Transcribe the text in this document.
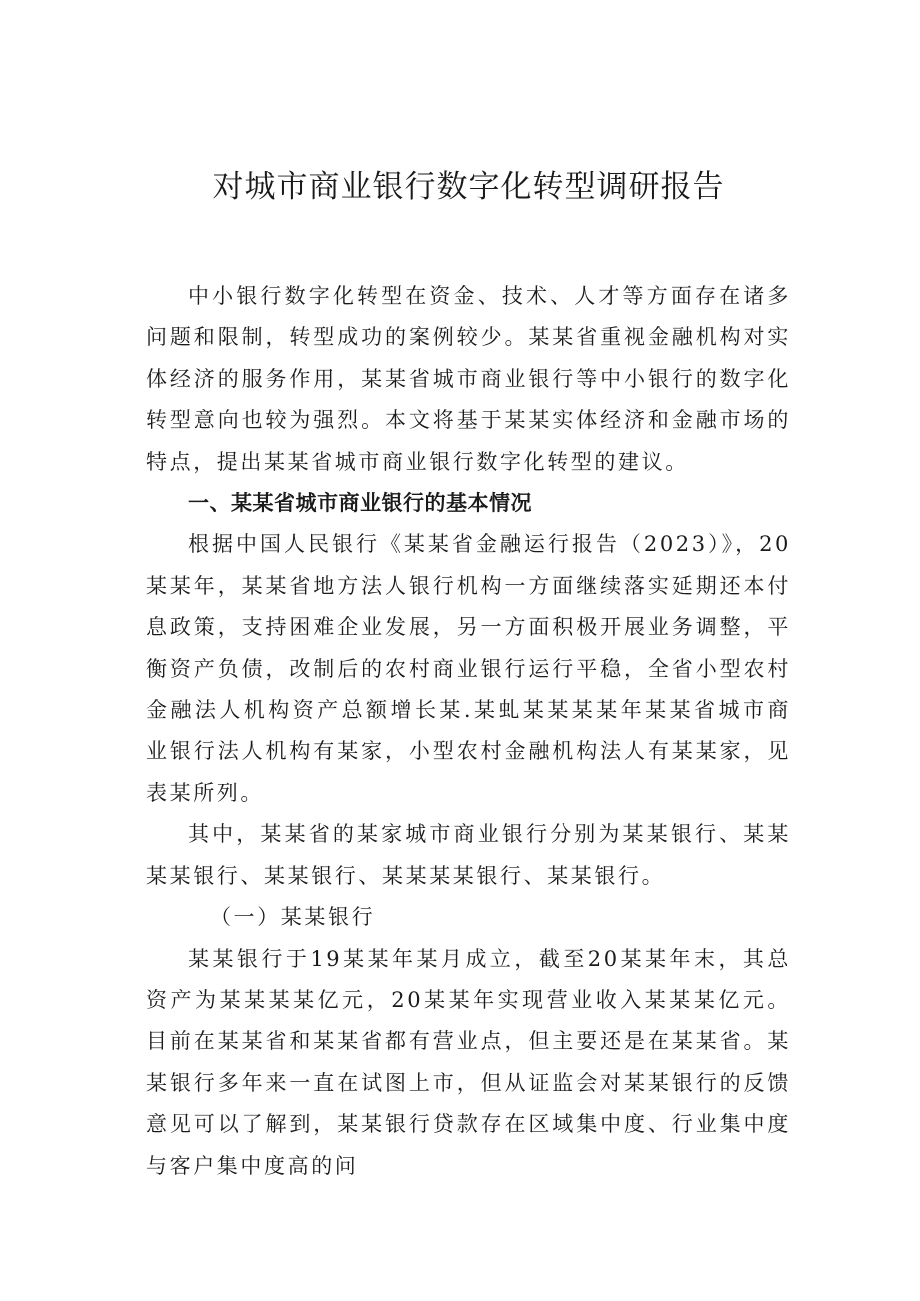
对城市商业银行数字化转型调研报告

中小银行数字化转型在资金、技术、人才等方面存在诸多问题和限制，转型成功的案例较少。某某省重视金融机构对实体经济的服务作用，某某省城市商业银行等中小银行的数字化转型意向也较为强烈。本文将基于某某实体经济和金融市场的特点，提出某某省城市商业银行数字化转型的建议。

一、某某省城市商业银行的基本情况

根据中国人民银行《某某省金融运行报告（2023）》，20某某年，某某省地方法人银行机构一方面继续落实延期还本付息政策，支持困难企业发展，另一方面积极开展业务调整，平衡资产负债，改制后的农村商业银行运行平稳，全省小型农村金融法人机构资产总额增长某.某虬某某某某年某某省城市商业银行法人机构有某家，小型农村金融机构法人有某某家，见表某所列。

其中，某某省的某家城市商业银行分别为某某银行、某某某某银行、某某银行、某某某某银行、某某银行。

（一）某某银行

某某银行于19某某年某月成立，截至20某某年末，其总资产为某某某某亿元，20某某年实现营业收入某某某亿元。目前在某某省和某某省都有营业点，但主要还是在某某省。某某银行多年来一直在试图上市，但从证监会对某某银行的反馈意见可以了解到，某某银行贷款存在区域集中度、行业集中度与客户集中度高的问
